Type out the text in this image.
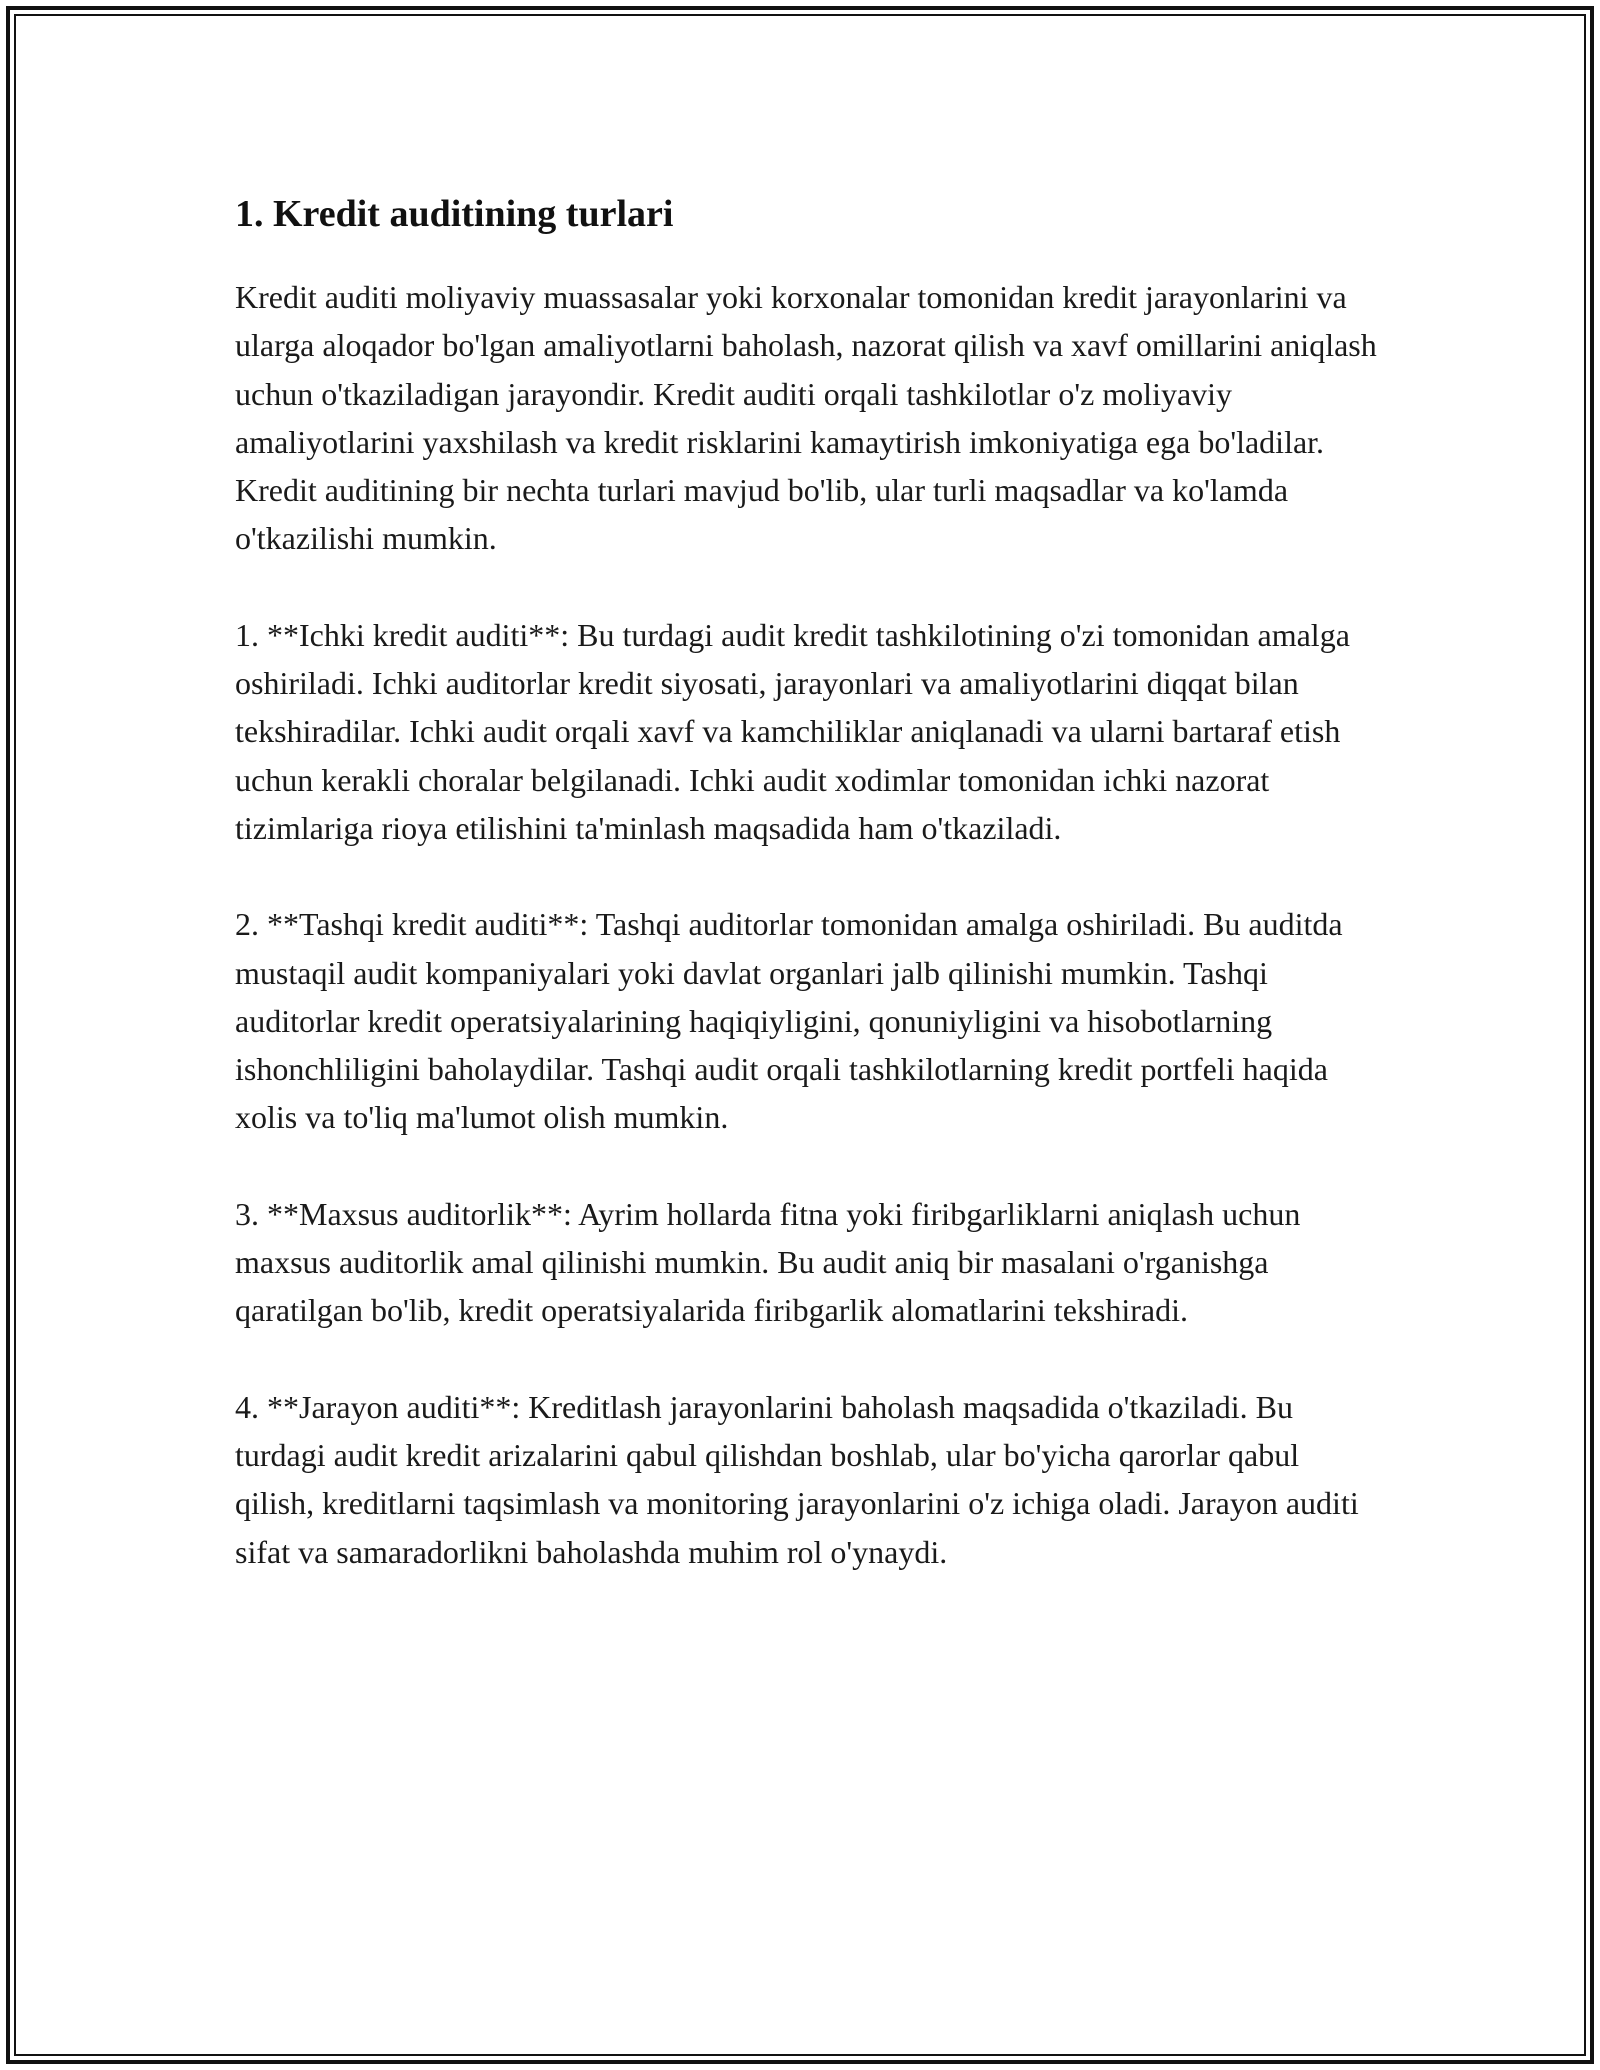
1. Kredit auditining turlari

Kredit auditi moliyaviy muassasalar yoki korxonalar tomonidan kredit jarayonlarini va ularga aloqador bo'lgan amaliyotlarni baholash, nazorat qilish va xavf omillarini aniqlash uchun o'tkaziladigan jarayondir. Kredit auditi orqali tashkilotlar o'z moliyaviy amaliyotlarini yaxshilash va kredit risklarini kamaytirish imkoniyatiga ega bo'ladilar. Kredit auditining bir nechta turlari mavjud bo'lib, ular turli maqsadlar va ko'lamda o'tkazilishi mumkin.

1. **Ichki kredit auditi**: Bu turdagi audit kredit tashkilotining o'zi tomonidan amalga oshiriladi. Ichki auditorlar kredit siyosati, jarayonlari va amaliyotlarini diqqat bilan tekshiradilar. Ichki audit orqali xavf va kamchiliklar aniqlanadi va ularni bartaraf etish uchun kerakli choralar belgilanadi. Ichki audit xodimlar tomonidan ichki nazorat tizimlariga rioya etilishini ta'minlash maqsadida ham o'tkaziladi.

2. **Tashqi kredit auditi**: Tashqi auditorlar tomonidan amalga oshiriladi. Bu auditda mustaqil audit kompaniyalari yoki davlat organlari jalb qilinishi mumkin. Tashqi auditorlar kredit operatsiyalarining haqiqiyligini, qonuniyligini va hisobotlarning ishonchliligini baholaydilar. Tashqi audit orqali tashkilotlarning kredit portfeli haqida xolis va to'liq ma'lumot olish mumkin.

3. **Maxsus auditorlik**: Ayrim hollarda fitna yoki firibgarliklarni aniqlash uchun maxsus auditorlik amal qilinishi mumkin. Bu audit aniq bir masalani o'rganishga qaratilgan bo'lib, kredit operatsiyalarida firibgarlik alomatlarini tekshiradi.

4. **Jarayon auditi**: Kreditlash jarayonlarini baholash maqsadida o'tkaziladi. Bu turdagi audit kredit arizalarini qabul qilishdan boshlab, ular bo'yicha qarorlar qabul qilish, kreditlarni taqsimlash va monitoring jarayonlarini o'z ichiga oladi. Jarayon auditi sifat va samaradorlikni baholashda muhim rol o'ynaydi.
